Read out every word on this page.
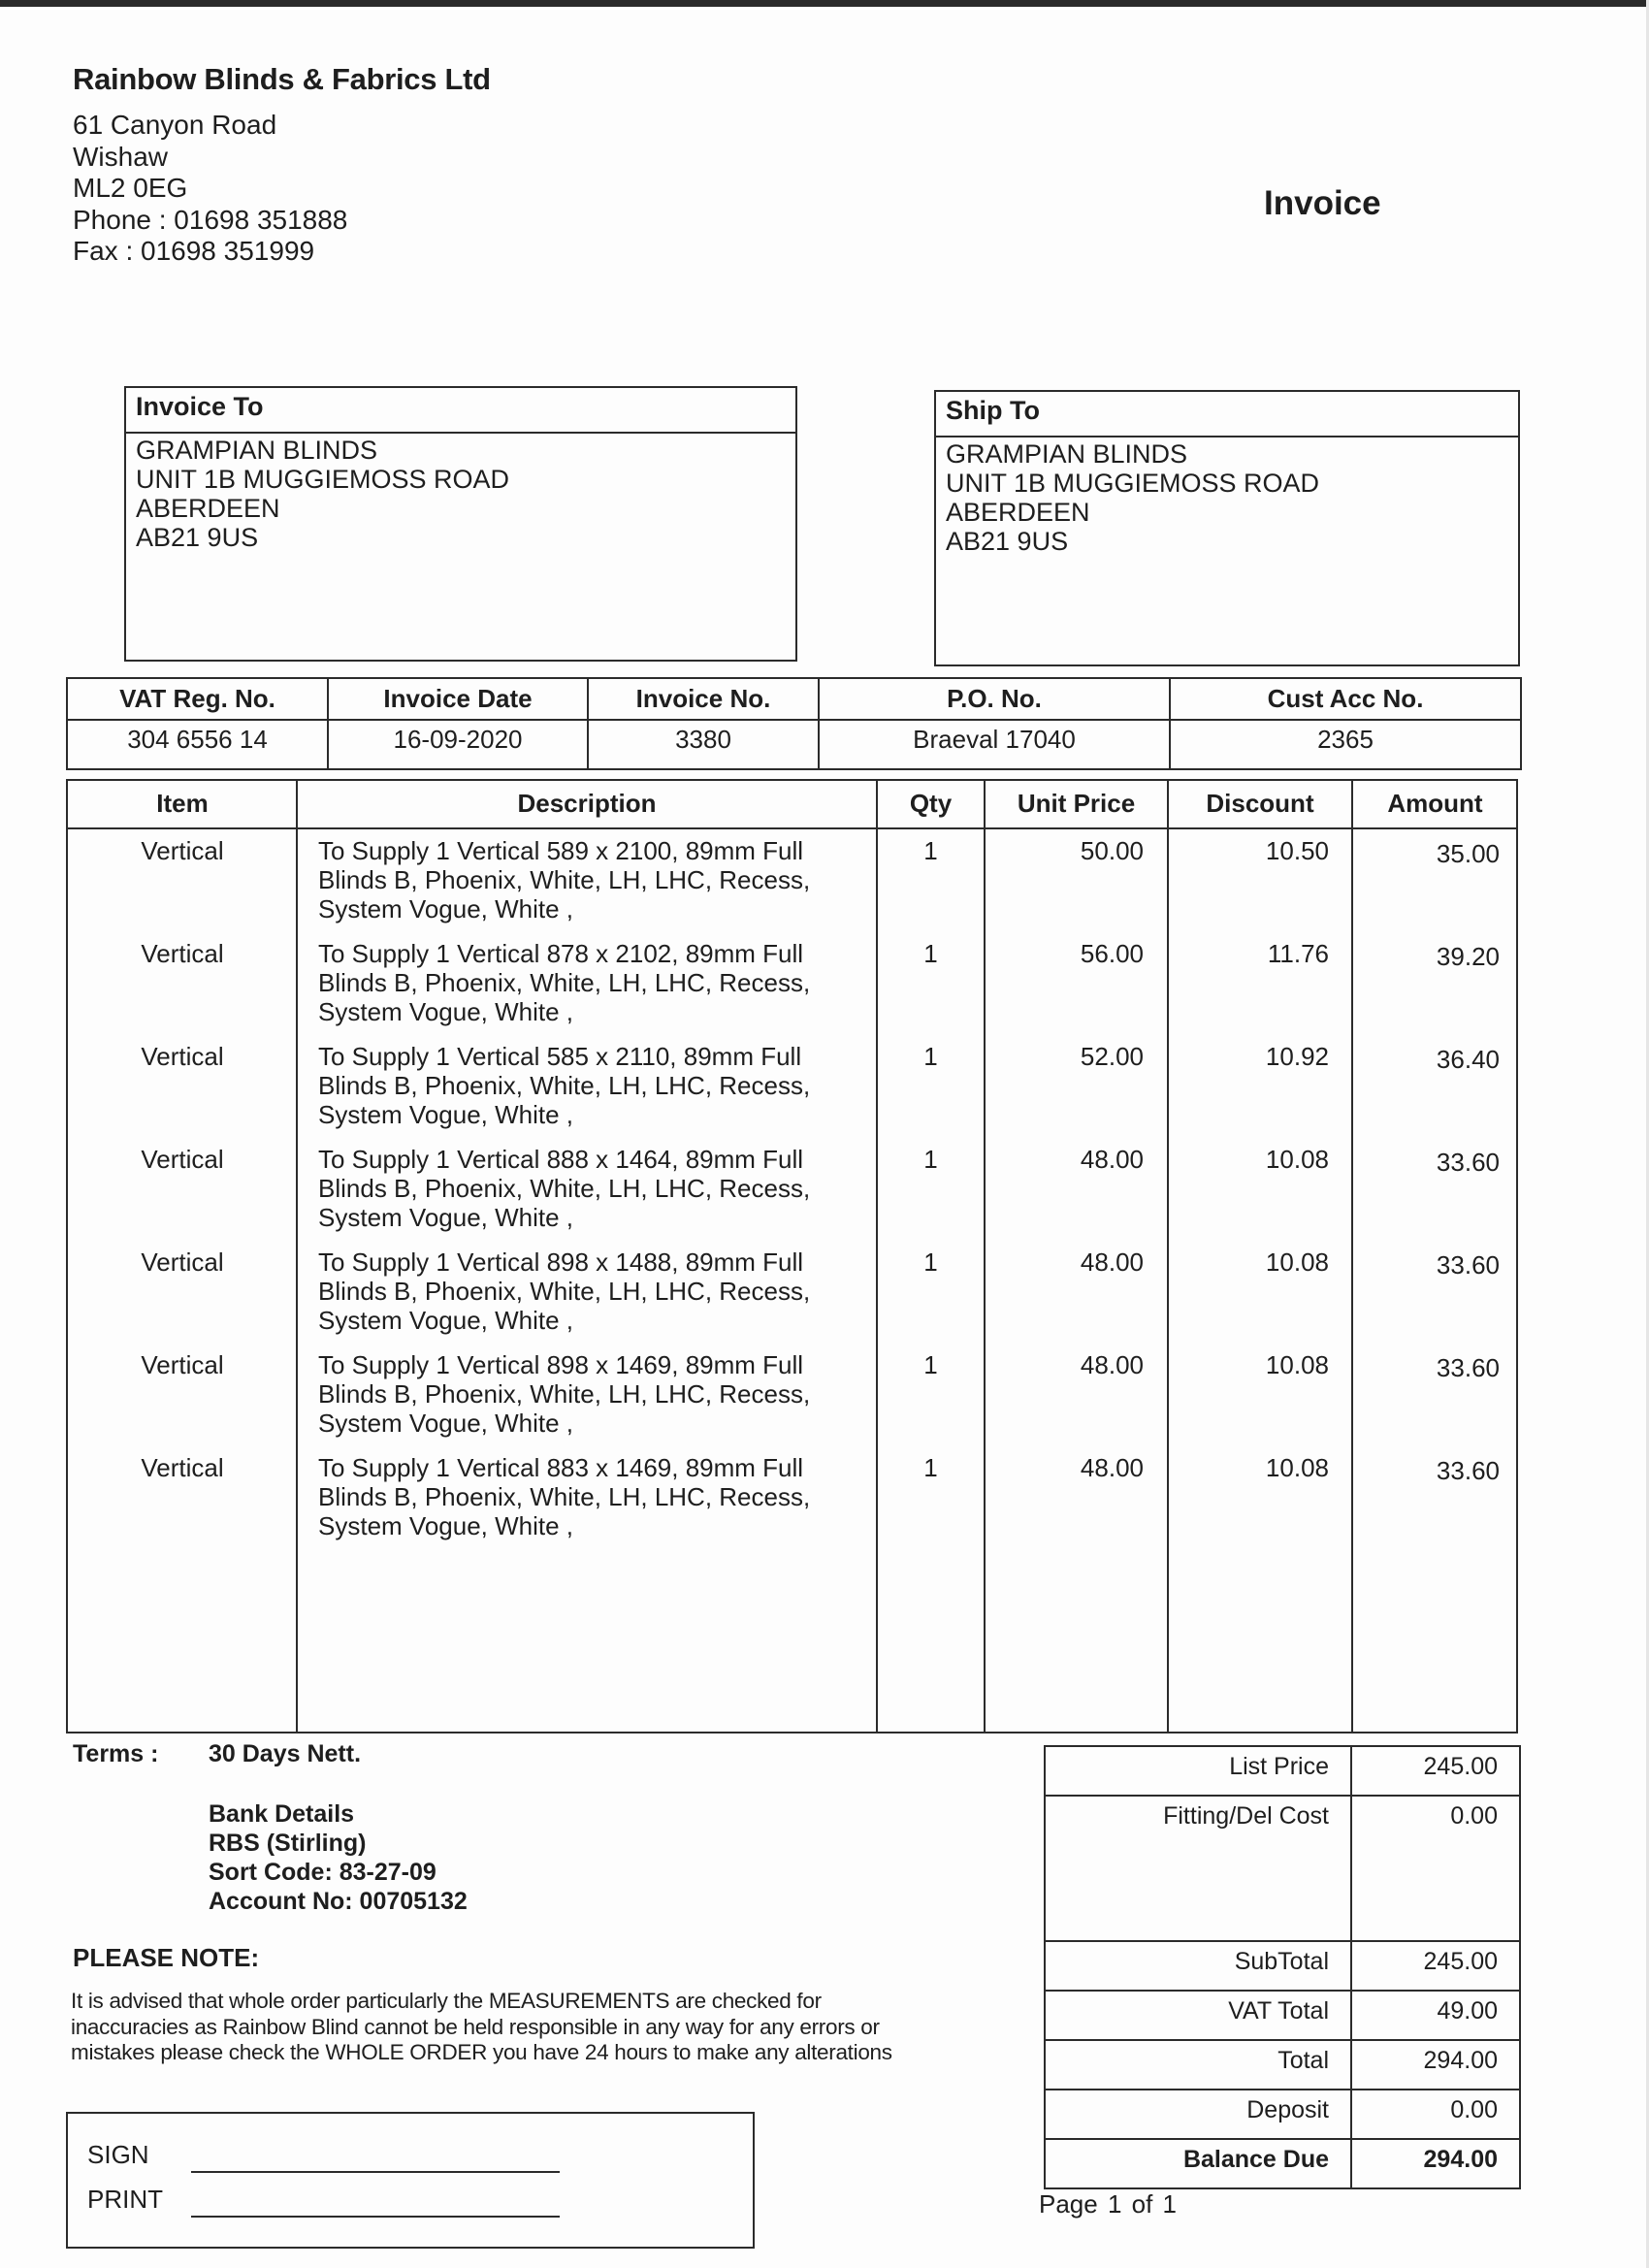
Rainbow Blinds & Fabrics Ltd
61 Canyon Road
Wishaw
ML2 0EG
Phone : 01698 351888
Fax : 01698 351999
Invoice
Invoice To
GRAMPIAN BLINDS
UNIT 1B MUGGIEMOSS ROAD
ABERDEEN
AB21 9US
Ship To
GRAMPIAN BLINDS
UNIT 1B MUGGIEMOSS ROAD
ABERDEEN
AB21 9US
VAT Reg. No.	Invoice Date	Invoice No.	P.O. No.	Cust Acc No.
304 6556 14	16-09-2020	3380	Braeval 17040	2365
Item	Description	Qty	Unit Price	Discount	Amount
Vertical	To Supply 1 Vertical 589 x 2100, 89mm Full
Blinds B, Phoenix, White, LH, LHC, Recess,
System Vogue, White ,
1	50.00	10.50	35.00
Vertical	To Supply 1 Vertical 878 x 2102, 89mm Full
Blinds B, Phoenix, White, LH, LHC, Recess,
System Vogue, White ,
1	56.00	11.76	39.20
Vertical	To Supply 1 Vertical 585 x 2110, 89mm Full
Blinds B, Phoenix, White, LH, LHC, Recess,
System Vogue, White ,
1	52.00	10.92	36.40
Vertical	To Supply 1 Vertical 888 x 1464, 89mm Full
Blinds B, Phoenix, White, LH, LHC, Recess,
System Vogue, White ,
1	48.00	10.08	33.60
Vertical	To Supply 1 Vertical 898 x 1488, 89mm Full
Blinds B, Phoenix, White, LH, LHC, Recess,
System Vogue, White ,
1	48.00	10.08	33.60
Vertical	To Supply 1 Vertical 898 x 1469, 89mm Full
Blinds B, Phoenix, White, LH, LHC, Recess,
System Vogue, White ,
1	48.00	10.08	33.60
Vertical	To Supply 1 Vertical 883 x 1469, 89mm Full
Blinds B, Phoenix, White, LH, LHC, Recess,
System Vogue, White ,
1	48.00	10.08	33.60
Terms : 30 Days Nett.
Bank Details
RBS (Stirling)
Sort Code: 83-27-09
Account No: 00705132
PLEASE NOTE:
It is advised that whole order particularly the MEASUREMENTS are checked for
inaccuracies as Rainbow Blind cannot be held responsible in any way for any errors or
mistakes please check the WHOLE ORDER you have 24 hours to make any alterations
SIGN
PRINT
List Price	245.00
Fitting/Del Cost	0.00
SubTotal	245.00
VAT Total	49.00
Total	294.00
Deposit	0.00
Balance Due	294.00
Page 1 of 1
